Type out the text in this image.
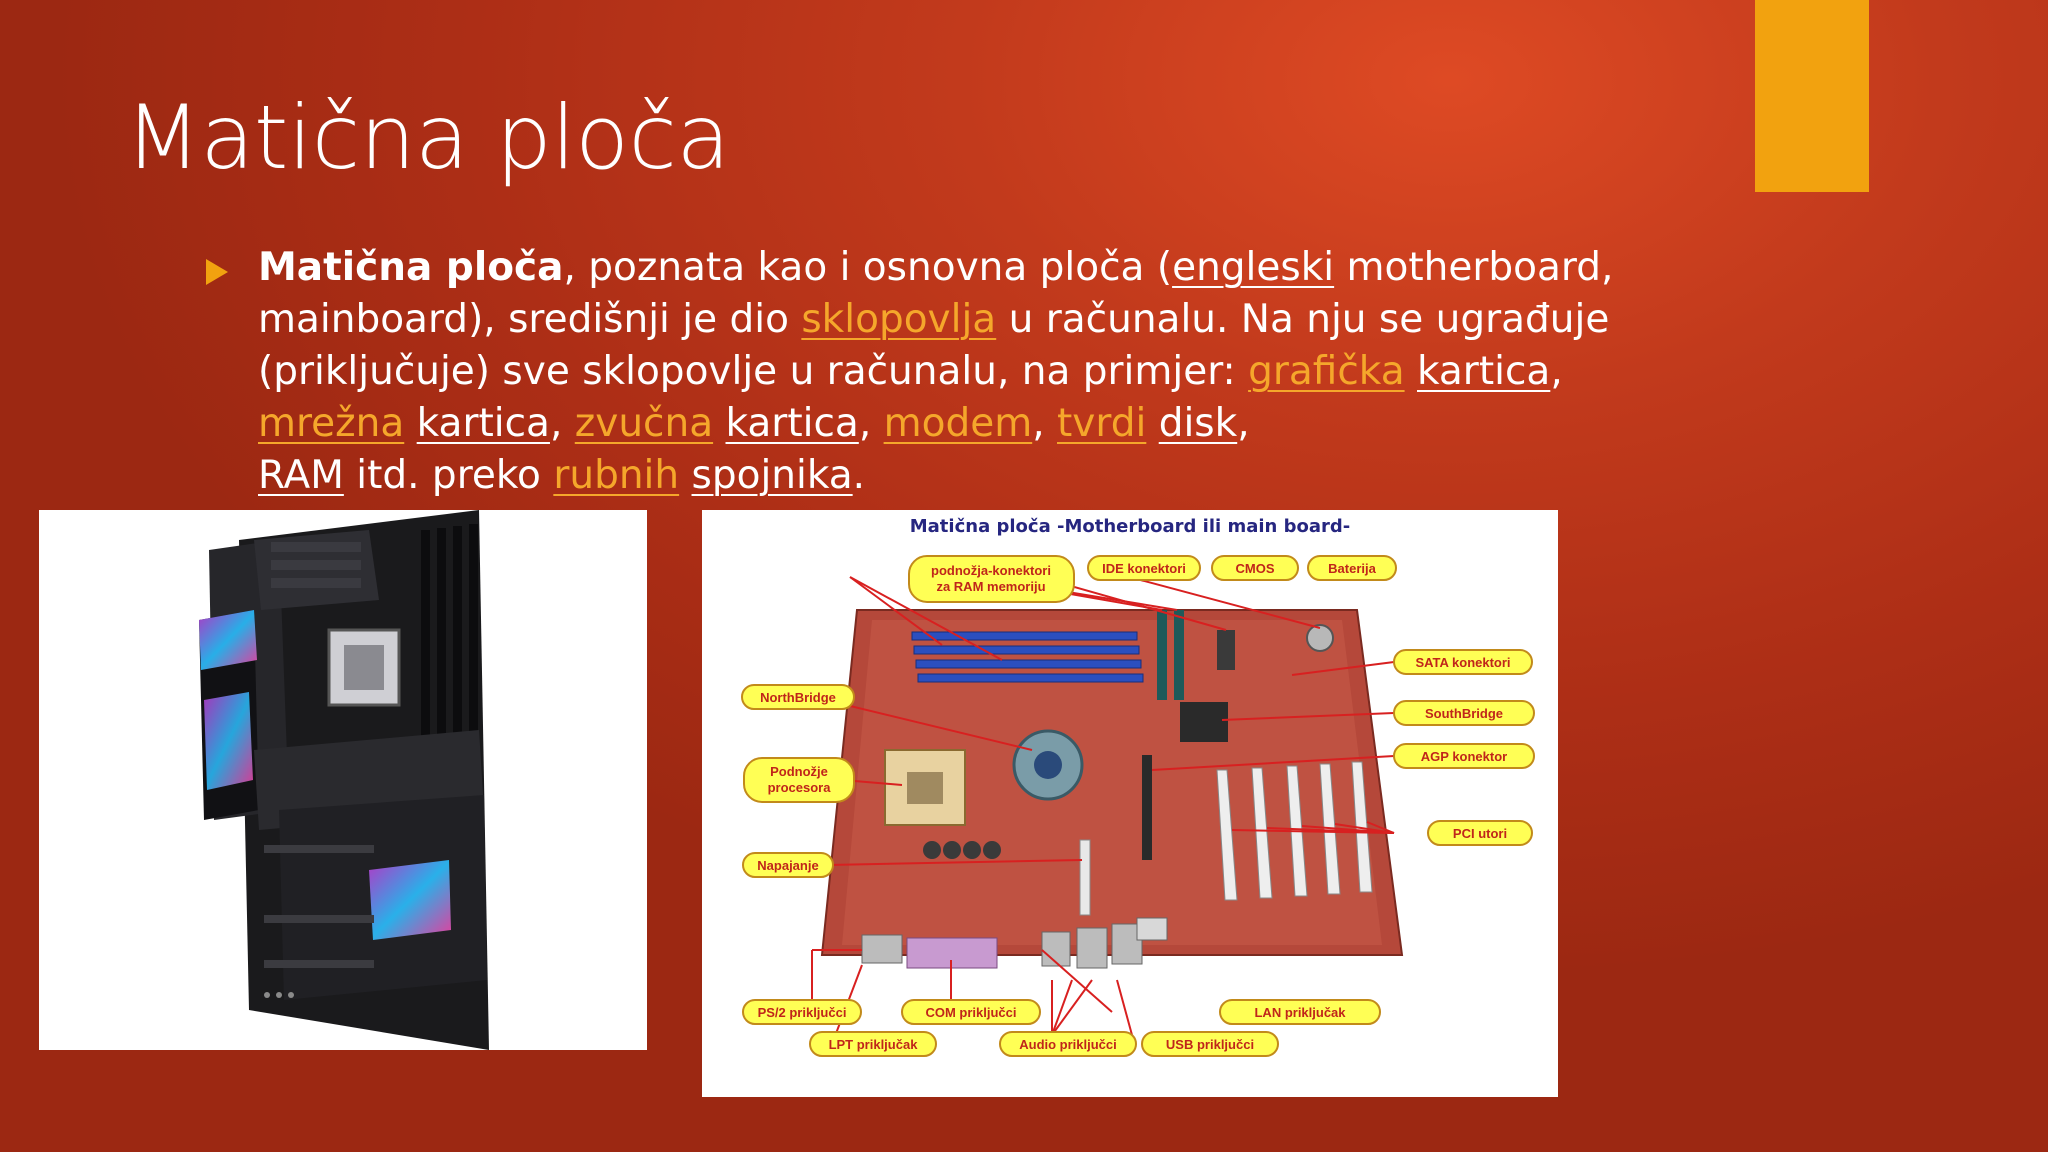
Matična ploča

Matična ploča, poznata kao i osnovna ploča (engleski motherboard, mainboard), središnji je dio sklopovlja u računalu. Na nju se ugrađuje (priključuje) sve sklopovlje u računalu, na primjer: grafička kartica, mrežna kartica, zvučna kartica, modem, tvrdi disk,
RAM itd. preko rubnih spojnika.

podnožja-konektori
za RAM memoriju
IDE konektori	CMOS	Baterija
SATA konektori
NorthBridge
SouthBridge
AGP konektor
Podnožje
procesora
PCI utori
Napajanje
PS/2 priključci	COM priključci	LAN priključak
LPT priključak	Audio priključci	USB priključci

Matična ploča -Motherboard ili main board-
